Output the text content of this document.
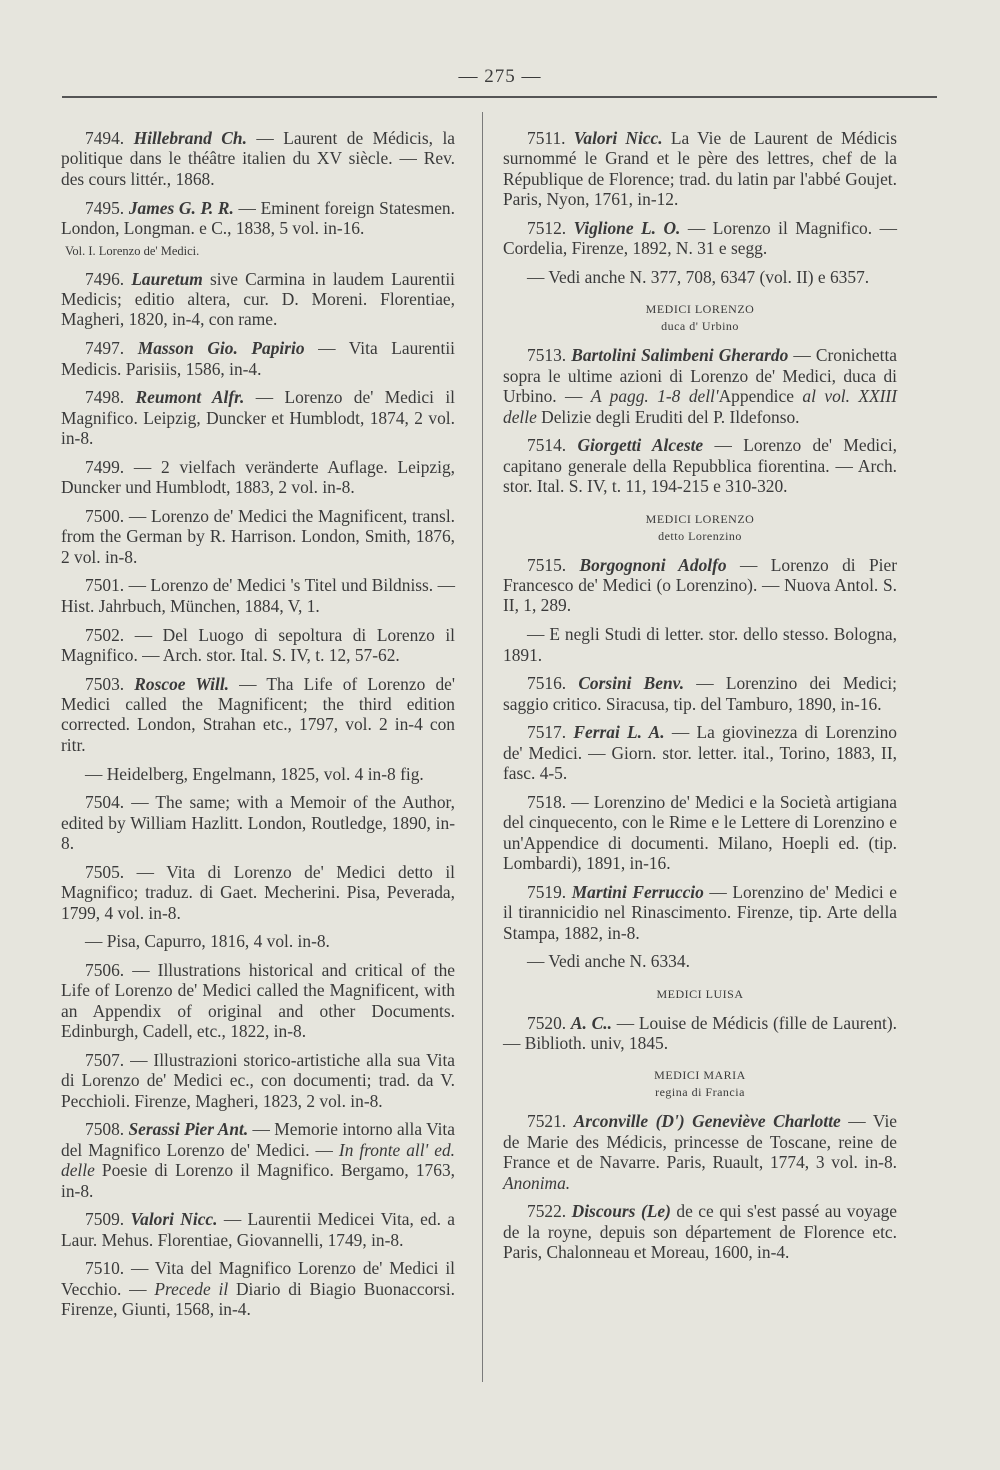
— 275 —

7494. Hillebrand Ch. — Laurent de Médicis, la politique dans le théâtre italien du XV siècle. — Rev. des cours littér., 1868.

7495. James G. P. R. — Eminent foreign Statesmen. London, Longman. e C., 1838, 5 vol. in-16.

Vol. I. Lorenzo de' Medici.

7496. Lauretum sive Carmina in laudem Laurentii Medicis; editio altera, cur. D. Moreni. Florentiae, Magheri, 1820, in-4, con rame.

7497. Masson Gio. Papirio — Vita Laurentii Medicis. Parisiis, 1586, in-4.

7498. Reumont Alfr. — Lorenzo de' Medici il Magnifico. Leipzig, Duncker et Humblodt, 1874, 2 vol. in-8.

7499. — 2 vielfach veränderte Auflage. Leipzig, Duncker und Humblodt, 1883, 2 vol. in-8.

7500. — Lorenzo de' Medici the Magnificent, transl. from the German by R. Harrison. London, Smith, 1876, 2 vol. in-8.

7501. — Lorenzo de' Medici 's Titel und Bildniss. — Hist. Jahrbuch, München, 1884, V, 1.

7502. — Del Luogo di sepoltura di Lorenzo il Magnifico. — Arch. stor. Ital. S. IV, t. 12, 57-62.

7503. Roscoe Will. — Tha Life of Lorenzo de' Medici called the Magnificent; the third edition corrected. London, Strahan etc., 1797, vol. 2 in-4 con ritr.

— Heidelberg, Engelmann, 1825, vol. 4 in-8 fig.

7504. — The same; with a Memoir of the Author, edited by William Hazlitt. London, Routledge, 1890, in-8.

7505. — Vita di Lorenzo de' Medici detto il Magnifico; traduz. di Gaet. Mecherini. Pisa, Peverada, 1799, 4 vol. in-8.

— Pisa, Capurro, 1816, 4 vol. in-8.

7506. — Illustrations historical and critical of the Life of Lorenzo de' Medici called the Magnificent, with an Appendix of original and other Documents. Edinburgh, Cadell, etc., 1822, in-8.

7507. — Illustrazioni storico-artistiche alla sua Vita di Lorenzo de' Medici ec., con documenti; trad. da V. Pecchioli. Firenze, Magheri, 1823, 2 vol. in-8.

7508. Serassi Pier Ant. — Memorie intorno alla Vita del Magnifico Lorenzo de' Medici. — In fronte all' ed. delle Poesie di Lorenzo il Magnifico. Bergamo, 1763, in-8.

7509. Valori Nicc. — Laurentii Medicei Vita, ed. a Laur. Mehus. Florentiae, Giovannelli, 1749, in-8.

7510. — Vita del Magnifico Lorenzo de' Medici il Vecchio. — Precede il Diario di Biagio Buonaccorsi. Firenze, Giunti, 1568, in-4.

7511. Valori Nicc. La Vie de Laurent de Médicis surnommé le Grand et le père des lettres, chef de la République de Florence; trad. du latin par l'abbé Goujet. Paris, Nyon, 1761, in-12.

7512. Viglione L. O. — Lorenzo il Magnifico. — Cordelia, Firenze, 1892, N. 31 e segg.

— Vedi anche N. 377, 708, 6347 (vol. II) e 6357.

MEDICI LORENZO
duca d' Urbino

7513. Bartolini Salimbeni Gherardo — Cronichetta sopra le ultime azioni di Lorenzo de' Medici, duca di Urbino. — A pagg. 1-8 dell'Appendice al vol. XXIII delle Delizie degli Eruditi del P. Ildefonso.

7514. Giorgetti Alceste — Lorenzo de' Medici, capitano generale della Repubblica fiorentina. — Arch. stor. Ital. S. IV, t. 11, 194-215 e 310-320.

MEDICI LORENZO
detto Lorenzino

7515. Borgognoni Adolfo — Lorenzo di Pier Francesco de' Medici (o Lorenzino). — Nuova Antol. S. II, 1, 289.

— E negli Studi di letter. stor. dello stesso. Bologna, 1891.

7516. Corsini Benv. — Lorenzino dei Medici; saggio critico. Siracusa, tip. del Tamburo, 1890, in-16.

7517. Ferrai L. A. — La giovinezza di Lorenzino de' Medici. — Giorn. stor. letter. ital., Torino, 1883, II, fasc. 4-5.

7518. — Lorenzino de' Medici e la Società artigiana del cinquecento, con le Rime e le Lettere di Lorenzino e un'Appendice di documenti. Milano, Hoepli ed. (tip. Lombardi), 1891, in-16.

7519. Martini Ferruccio — Lorenzino de' Medici e il tirannicidio nel Rinascimento. Firenze, tip. Arte della Stampa, 1882, in-8.

— Vedi anche N. 6334.

MEDICI LUISA

7520. A. C.. — Louise de Médicis (fille de Laurent). — Biblioth. univ, 1845.

MEDICI MARIA
regina di Francia

7521. Arconville (D') Geneviève Charlotte — Vie de Marie des Médicis, princesse de Toscane, reine de France et de Navarre. Paris, Ruault, 1774, 3 vol. in-8. Anonima.

7522. Discours (Le) de ce qui s'est passé au voyage de la royne, depuis son département de Florence etc. Paris, Chalonneau et Moreau, 1600, in-4.
